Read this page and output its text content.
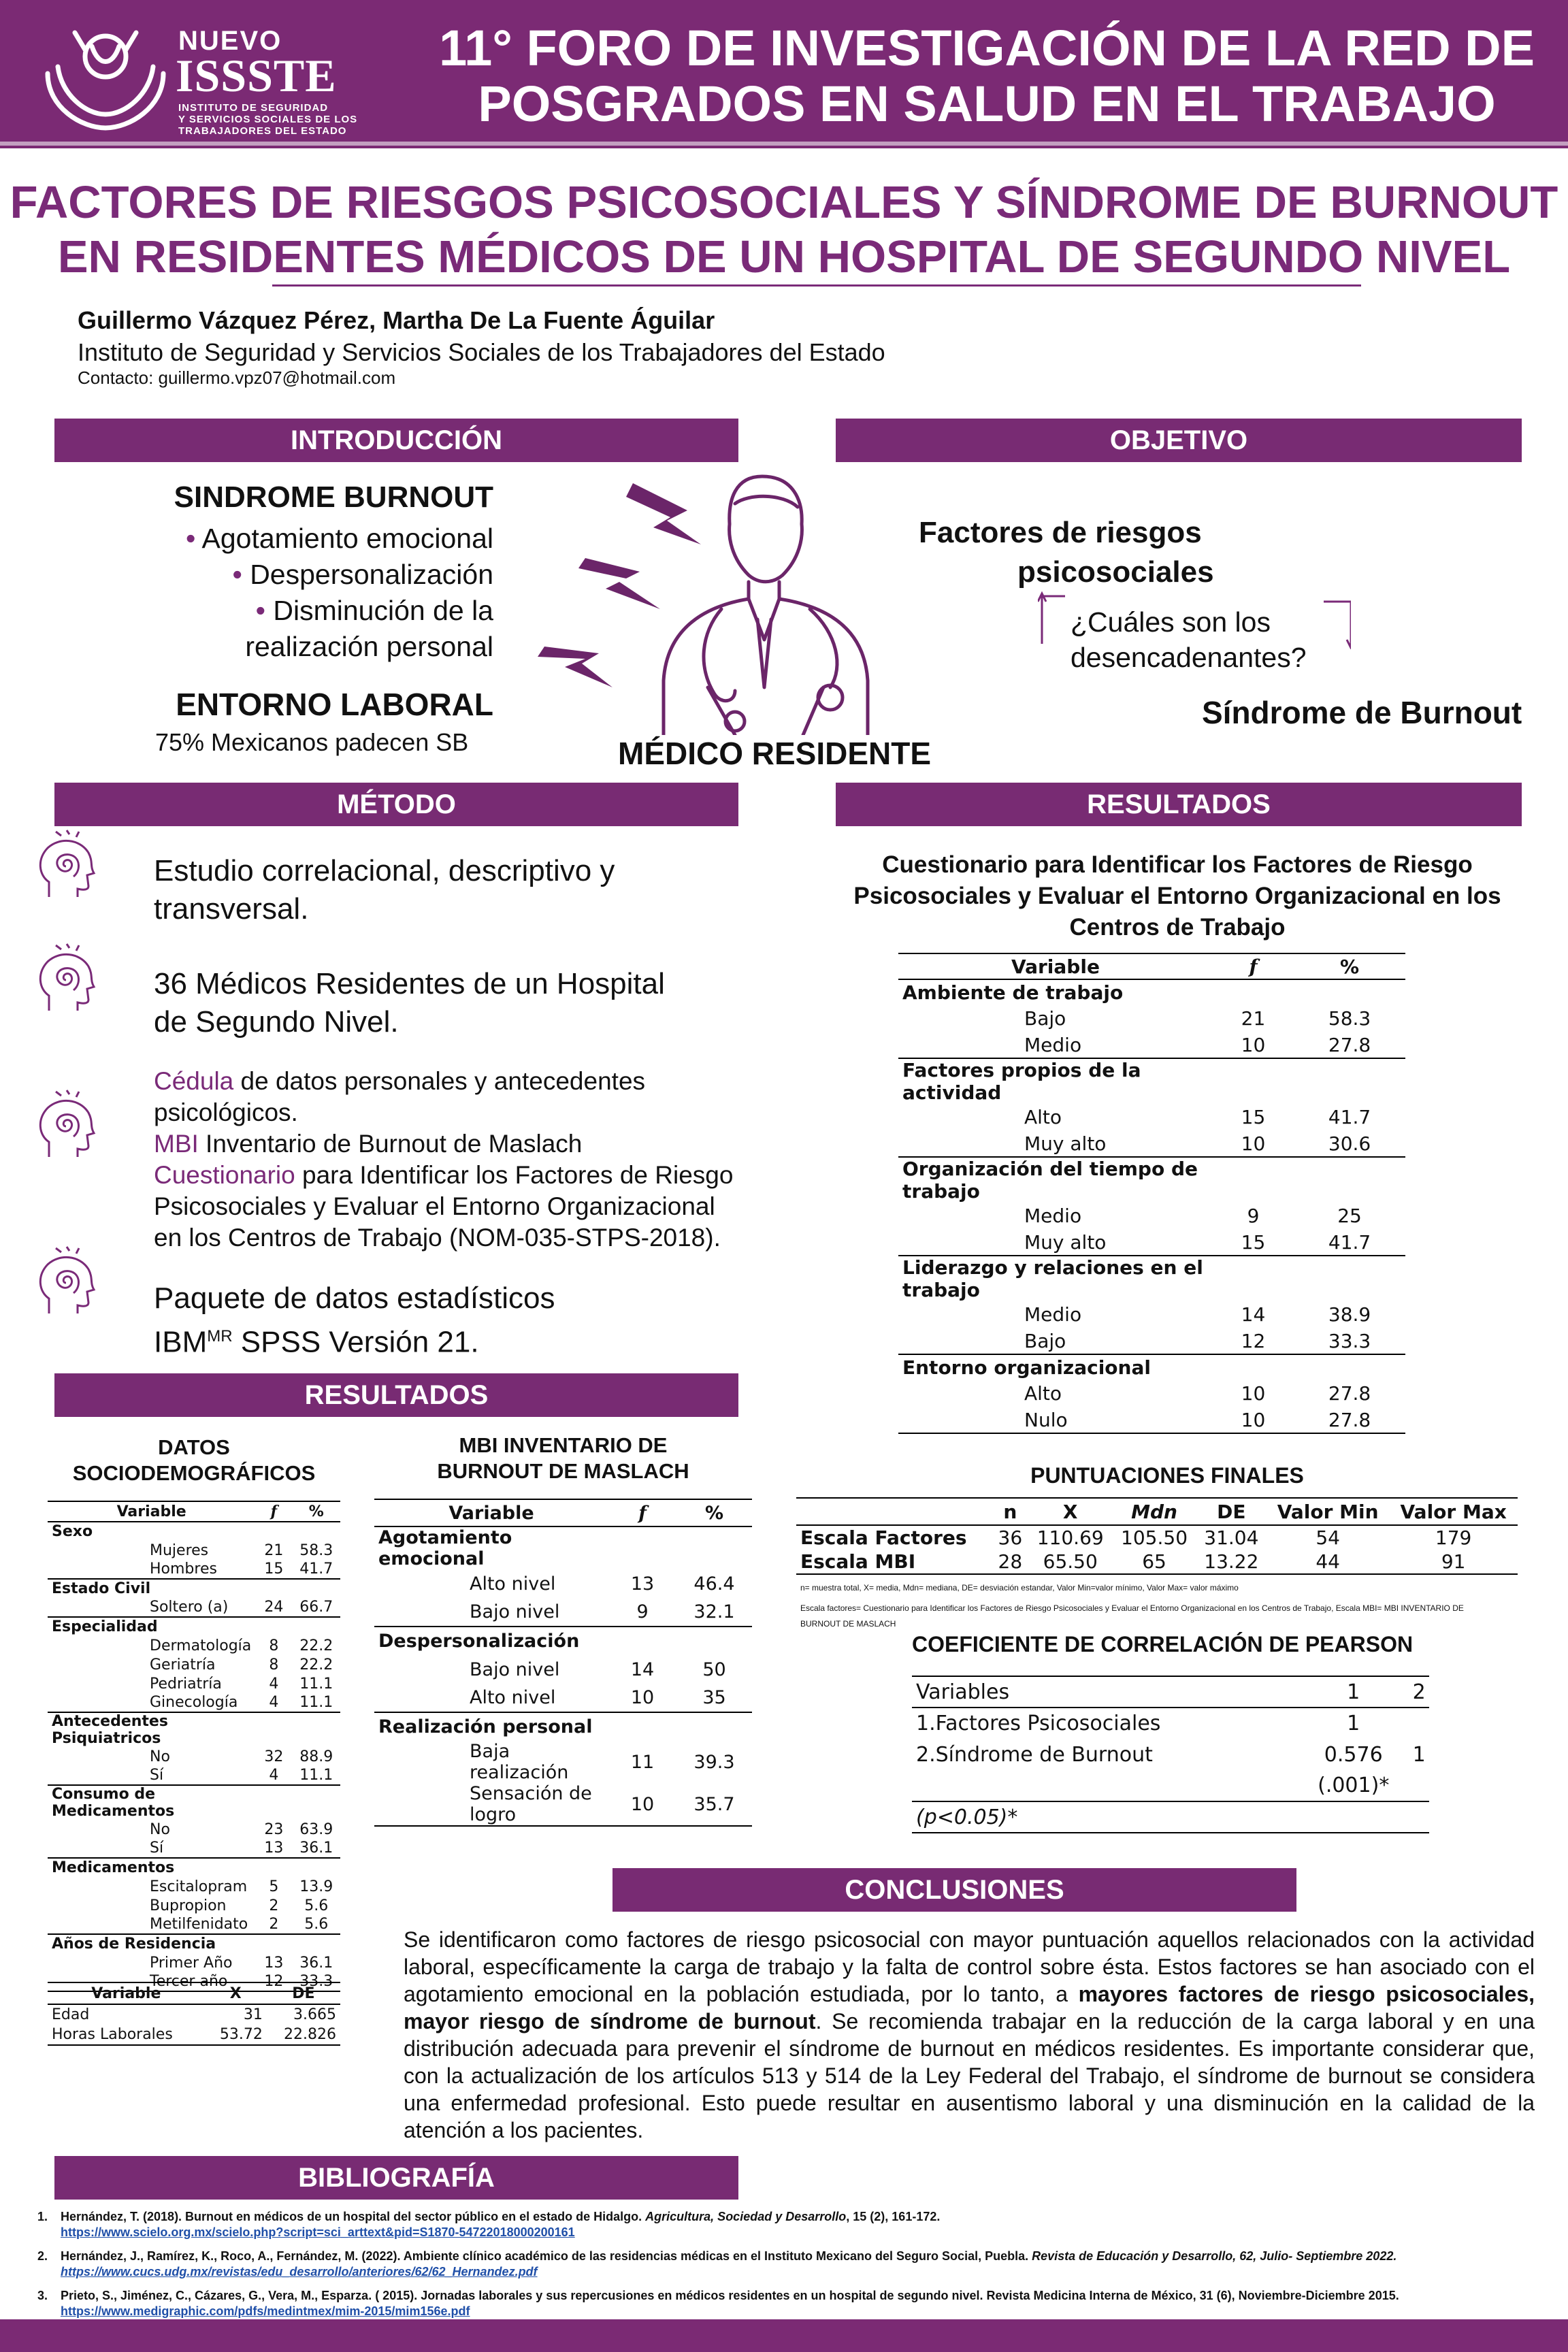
NUEVO
ISSSTE
INSTITUTO DE SEGURIDAD
Y SERVICIOS SOCIALES DE LOS
TRABAJADORES DEL ESTADO
11° FORO DE INVESTIGACIÓN DE LA RED DE
POSGRADOS EN SALUD EN EL TRABAJO
FACTORES DE RIESGOS PSICOSOCIALES Y SÍNDROME DE BURNOUT
EN RESIDENTES MÉDICOS DE UN HOSPITAL DE SEGUNDO NIVEL
Guillermo Vázquez Pérez, Martha De La Fuente Águilar
Instituto de Seguridad y Servicios Sociales de los Trabajadores del Estado
Contacto: guillermo.vpz07@hotmail.com
INTRODUCCIÓN
SINDROME BURNOUT
• Agotamiento emocional
• Despersonalización
• Disminución de la
realización personal
ENTORNO LABORAL
75% Mexicanos padecen SB	MÉDICO RESIDENTE
OBJETIVO
Factores de riesgos
psicosociales
¿Cuáles son los
desencadenantes?
Síndrome de Burnout
MÉTODO
Estudio correlacional, descriptivo y
transversal.
36 Médicos Residentes de un Hospital
de Segundo Nivel.
Cédula de datos personales y antecedentes
psicológicos.
MBI Inventario de Burnout de Maslach
Cuestionario para Identificar los Factores de Riesgo
Psicosociales y Evaluar el Entorno Organizacional
en los Centros de Trabajo (NOM-035-STPS-2018).
Paquete de datos estadísticos
$IBM^{MR}$ SPSS Versión 21.
RESULTADOS
DATOS
SOCIODEMOGRÁFICOS
Variable	f	%
Sexo		
Mujeres	21	58.3
Hombres	15	41.7
Estado Civil		
Soltero (a)	24	66.7
Especialidad		
Dermatología	8	22.2
Geriatría	8	22.2
Pedriatría	4	11.1
Ginecología	4	11.1
Antecedentes Psiquiatricos		
No	32	88.9
Sí	4	11.1
Consumo de Medicamentos		
No	23	63.9
Sí	13	36.1
Medicamentos		
Escitalopram	5	13.9
Bupropion	2	5.6
Metilfenidato	2	5.6
Años de Residencia		
Primer Año	13	36.1
Tercer año	12	33.3
Variable	X	DE
Edad	31	3.665
Horas Laborales	53.72	22.826
MBI INVENTARIO DE
BURNOUT DE MASLACH
Variable	f	%
Agotamiento emocional		
Alto nivel	13	46.4
Bajo nivel	9	32.1
Despersonalización		
Bajo nivel	14	50
Alto nivel	10	35
Realización personal		
Baja realización	11	39.3
Sensación de logro	10	35.7
RESULTADOS
Cuestionario para Identificar los Factores de Riesgo
Psicosociales y Evaluar el Entorno Organizacional en los
Centros de Trabajo
Variable	f	%
Ambiente de trabajo		
Bajo	21	58.3
Medio	10	27.8
Factores propios de la actividad		
Alto	15	41.7
Muy alto	10	30.6
Organización del tiempo de trabajo		
Medio	9	25
Muy alto	15	41.7
Liderazgo y relaciones en el trabajo		
Medio	14	38.9
Bajo	12	33.3
Entorno organizacional		
Alto	10	27.8
Nulo	10	27.8
PUNTUACIONES FINALES
	n	X	Mdn	DE	Valor Min	Valor Max
Escala Factores	36	110.69	105.50	31.04	54	179
Escala MBI	28	65.50	65	13.22	44	91
n= muestra total, X= media, Mdn= mediana, DE= desviación estandar, Valor Min=valor mínimo, Valor Max= valor máximo
Escala factores= Cuestionario para Identificar los Factores de Riesgo Psicosociales y Evaluar el Entorno Organizacional en los Centros de Trabajo, Escala MBI= MBI INVENTARIO DE
BURNOUT DE MASLACH
COEFICIENTE DE CORRELACIÓN DE PEARSON
Variables	1	2
1.Factores Psicosociales	1	
2.Síndrome de Burnout	0.576	1
	(.001)*	
(p<0.05)*		
CONCLUSIONES
Se identificaron como factores de riesgo psicosocial con mayor puntuación aquellos relacionados con la actividad laboral, específicamente la carga de trabajo y la falta de control sobre ésta. Estos factores se han asociado con el agotamiento emocional en la población estudiada, por lo tanto, a mayores factores de riesgo psicosociales, mayor riesgo de síndrome de burnout. Se recomienda trabajar en la reducción de la carga laboral y en una distribución adecuada para prevenir el síndrome de burnout en médicos residentes. Es importante considerar que, con la actualización de los artículos 513 y 514 de la Ley Federal del Trabajo, el síndrome de burnout se considera una enfermedad profesional. Esto puede resultar en ausentismo laboral y una disminución en la calidad de la atención a los pacientes.
BIBLIOGRAFÍA
1.	Hernández, T. (2018). Burnout en médicos de un hospital del sector público en el estado de Hidalgo. Agricultura, Sociedad y Desarrollo, 15 (2), 161-172.
https://www.scielo.org.mx/scielo.php?script=sci_arttext&pid=S1870-54722018000200161
2.	Hernández, J., Ramírez, K., Roco, A., Fernández, M. (2022). Ambiente clínico académico de las residencias médicas en el Instituto Mexicano del Seguro Social, Puebla. Revista de Educación y Desarrollo, 62, Julio- Septiembre 2022.
https://www.cucs.udg.mx/revistas/edu_desarrollo/anteriores/62/62_Hernandez.pdf
3.	Prieto, S., Jiménez, C., Cázares, G., Vera, M., Esparza. ( 2015). Jornadas laborales y sus repercusiones en médicos residentes en un hospital de segundo nivel. Revista Medicina Interna de México, 31 (6), Noviembre-Diciembre 2015.
https://www.medigraphic.com/pdfs/medintmex/mim-2015/mim156e.pdf
